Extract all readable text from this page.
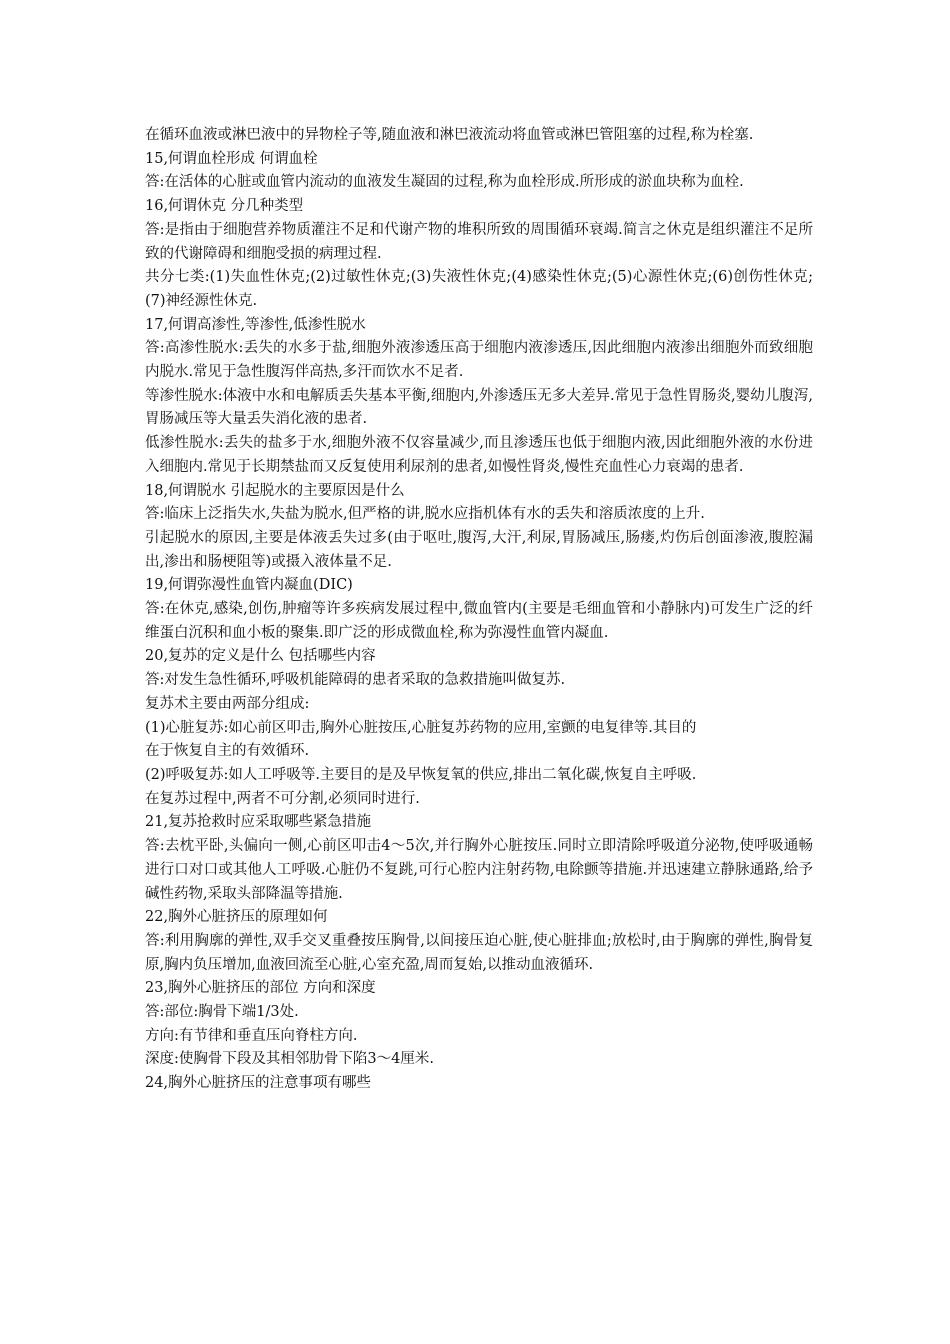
在循环血液或淋巴液中的异物栓子等,随血液和淋巴液流动将血管或淋巴管阻塞的过程,称为栓塞.

15,何谓血栓形成 何谓血栓

答:在活体的心脏或血管内流动的血液发生凝固的过程,称为血栓形成.所形成的淤血块称为血栓.

16,何谓休克 分几种类型

答:是指由于细胞营养物质灌注不足和代谢产物的堆积所致的周围循环衰竭.简言之休克是组织灌注不足所致的代谢障碍和细胞受损的病理过程.

共分七类:(1)失血性休克;(2)过敏性休克;(3)失液性休克;(4)感染性休克;(5)心源性休克;(6)创伤性休克;(7)神经源性休克.

17,何谓高渗性,等渗性,低渗性脱水

答:高渗性脱水:丢失的水多于盐,细胞外液渗透压高于细胞内液渗透压,因此细胞内液渗出细胞外而致细胞内脱水.常见于急性腹泻伴高热,多汗而饮水不足者.

等渗性脱水:体液中水和电解质丢失基本平衡,细胞内,外渗透压无多大差异.常见于急性胃肠炎,婴幼儿腹泻,胃肠减压等大量丢失消化液的患者.

低渗性脱水:丢失的盐多于水,细胞外液不仅容量减少,而且渗透压也低于细胞内液,因此细胞外液的水份进入细胞内.常见于长期禁盐而又反复使用利尿剂的患者,如慢性肾炎,慢性充血性心力衰竭的患者.

18,何谓脱水 引起脱水的主要原因是什么

答:临床上泛指失水,失盐为脱水,但严格的讲,脱水应指机体有水的丢失和溶质浓度的上升.

引起脱水的原因,主要是体液丢失过多(由于呕吐,腹泻,大汗,利尿,胃肠减压,肠瘘,灼伤后创面渗液,腹腔漏出,渗出和肠梗阻等)或摄入液体量不足.

19,何谓弥漫性血管内凝血(DIC)

答:在休克,感染,创伤,肿瘤等许多疾病发展过程中,微血管内(主要是毛细血管和小静脉内)可发生广泛的纤维蛋白沉积和血小板的聚集.即广泛的形成微血栓,称为弥漫性血管内凝血.

20,复苏的定义是什么 包括哪些内容

答:对发生急性循环,呼吸机能障碍的患者采取的急救措施叫做复苏.

复苏术主要由两部分组成:

(1)心脏复苏:如心前区叩击,胸外心脏按压,心脏复苏药物的应用,室颤的电复律等.其目的

在于恢复自主的有效循环.

(2)呼吸复苏:如人工呼吸等.主要目的是及早恢复氧的供应,排出二氧化碳,恢复自主呼吸.

在复苏过程中,两者不可分割,必须同时进行.

21,复苏抢救时应采取哪些紧急措施

答:去枕平卧,头偏向一侧,心前区叩击4～5次,并行胸外心脏按压.同时立即清除呼吸道分泌物,使呼吸通畅进行口对口或其他人工呼吸.心脏仍不复跳,可行心腔内注射药物,电除颤等措施.并迅速建立静脉通路,给予碱性药物,采取头部降温等措施.

22,胸外心脏挤压的原理如何

答:利用胸廓的弹性,双手交叉重叠按压胸骨,以间接压迫心脏,使心脏排血;放松时,由于胸廓的弹性,胸骨复原,胸内负压增加,血液回流至心脏,心室充盈,周而复始,以推动血液循环.

23,胸外心脏挤压的部位 方向和深度

答:部位:胸骨下端1/3处.

方向:有节律和垂直压向脊柱方向.

深度:使胸骨下段及其相邻肋骨下陷3～4厘米.

24,胸外心脏挤压的注意事项有哪些
